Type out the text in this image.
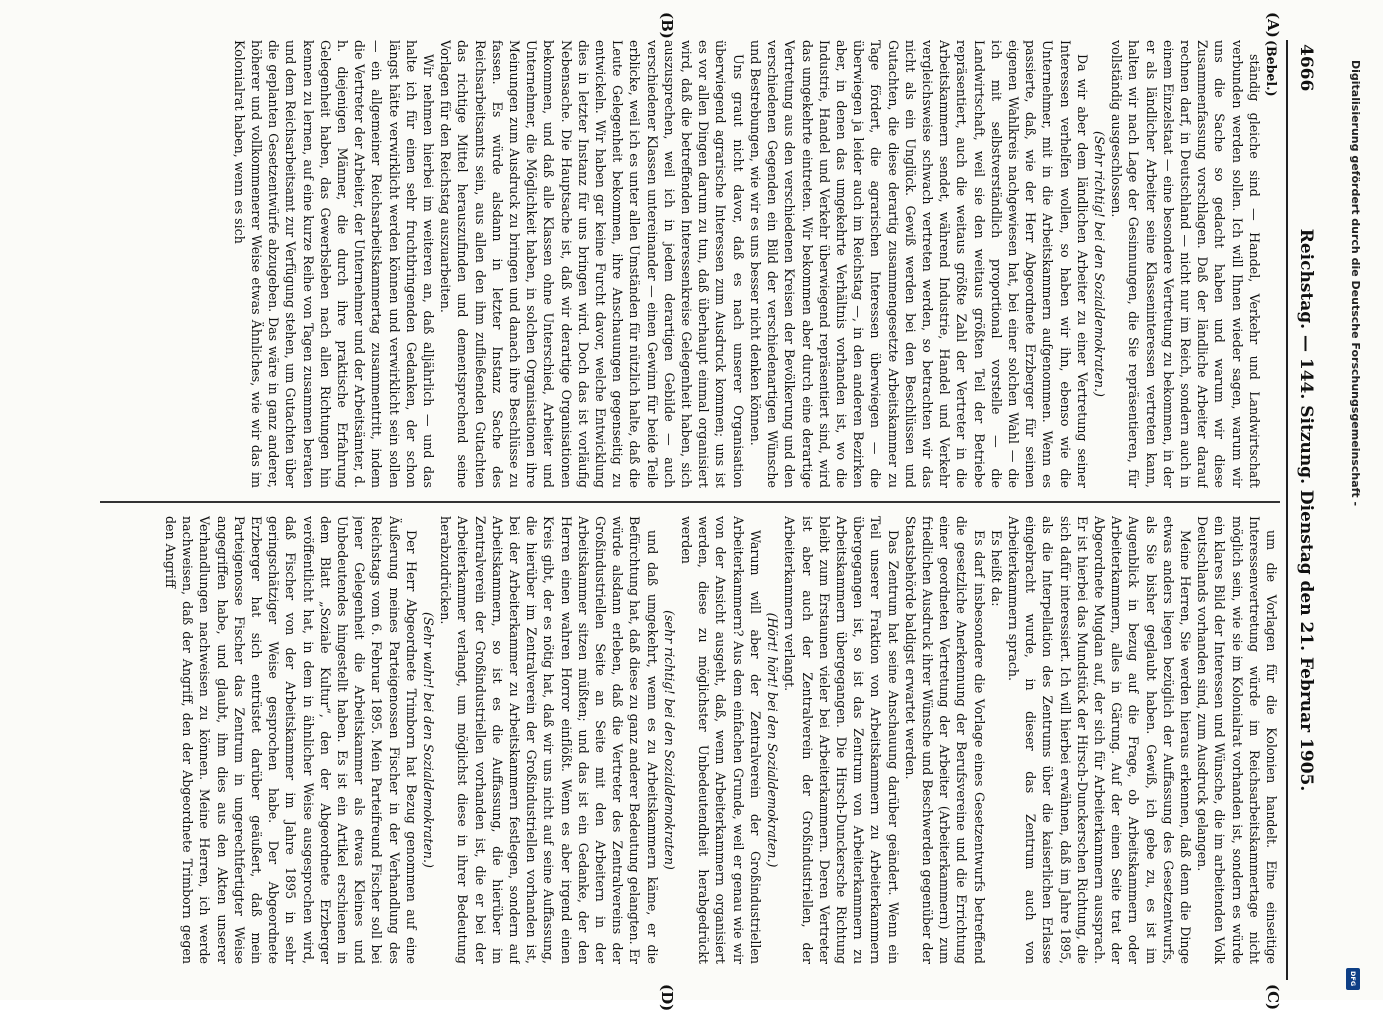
4666
Reichstag. — 144. Sitzung. Dienstag den 21. Februar 1905.

(Bebel.)

ständig gleiche sind — Handel, Verkehr und Landwirtschaft verbunden werden sollen. Ich will Ihnen wieder sagen, warum wir uns die Sache so gedacht haben und warum wir diese Zusammenfassung vorschlagen. Daß der ländliche Arbeiter darauf rechnen darf, in Deutschland — nicht nur im Reich, sondern auch in einem Einzelstaat — eine besondere Vertretung zu bekommen, in der er als ländlicher Arbeiter seine Klasseninteressen vertreten kann, halten wir nach Lage der Gesinnungen, die Sie repräsentieren, für vollständig ausgeschlossen.

(Sehr richtig! bei den Sozialdemokraten.)

Da wir aber dem ländlichen Arbeiter zu einer Vertretung seiner Interessen verhelfen wollen, so haben wir ihn, ebenso wie die Unternehmer, mit in die Arbeitskammern aufgenommen. Wenn es passierte, daß, wie der Herr Abgeordnete Erzberger für seinen eigenen Wahlkreis nachgewiesen hat, bei einer solchen Wahl — die ich mit selbstverständlich proportional vorstelle — die Landwirtschaft, weil sie den weitaus größten Teil der Betriebe repräsentiert, auch die weitaus größte Zahl der Vertreter in die Arbeitskammern sendet, während Industrie, Handel und Verkehr vergleichsweise schwach vertreten werden, so betrachten wir das nicht als ein Unglück. Gewiß werden bei den Beschlüssen und Gutachten, die diese derartig zusammengesetzte Arbeitskammer zu Tage fördert, die agrarischen Interessen überwiegen — die überwiegen ja leider auch im Reichstag —, in den anderen Bezirken aber, in denen das umgekehrte Verhältnis vorhanden ist, wo die Industrie, Handel und Verkehr überwiegend repräsentiert sind, wird das umgekehrte eintreten. Wir bekommen aber durch eine derartige Vertretung aus den verschiedenen Kreisen der Bevölkerung und den verschiedenen Gegenden ein Bild der verschiedenartigen Wünsche und Bestrebungen, wie wir es uns besser nicht denken können.

Uns graut nicht davor, daß es nach unserer Organisation überwiegend agrarische Interessen zum Ausdruck kommen; uns ist es vor allen Dingen darum zu tun, daß überhaupt einmal organisiert wird, daß die betreffenden Interessenkreise Gelegenheit haben, sich auszusprechen, weil ich in jedem derartigen Gebilde — auch verschiedener Klassen untereinander — einen Gewinn für beide Teile erblicke, weil ich es unter allen Umständen für nützlich halte, daß die Leute Gelegenheit bekommen, ihre Anschauungen gegenseitig zu entwickeln. Wir haben gar keine Furcht davor, welche Entwicklung dies in letzter Instanz für uns bringen wird. Doch das ist vorläufig Nebensache. Die Hauptsache ist, daß wir derartige Organisationen bekommen, und daß alle Klassen ohne Unterschied, Arbeiter und Unternehmer, die Möglichkeit haben, in solchen Organisationen ihre Meinungen zum Ausdruck zu bringen und danach ihre Beschlüsse zu fassen. Es würde alsdann in letzter Instanz Sache des Reichsarbeitsamts sein, aus allen den ihm zufließenden Gutachten das richtige Mittel herauszufinden und dementsprechend seine Vorlagen für den Reichstag auszuarbeiten.

Wir nehmen hierbei im weiteren an, daß alljährlich — und das halte ich für einen sehr fruchtbringenden Gedanken, der schon längst hätte verwirklicht werden können und verwirklicht sein sollen — ein allgemeiner Reichsarbeitskammertag zusammentritt, indem die Vertreter der Arbeiter, der Unternehmer und der Arbeitsämter, d. h. diejenigen Männer, die durch ihre praktische Erfahrung Gelegenheit haben, das Gewerbsleben nach allen Richtungen hin kennen zu lernen, auf eine kurze Reihe von Tagen zusammen beraten und dem Reichsarbeitsamt zur Verfügung stehen, um Gutachten über die geplanten Gesetzentwürfe abzugeben. Das wäre in ganz anderer, höherer und vollkommenerer Weise etwas Ähnliches, wie wir das im Kolonialrat haben, wenn es sich

um die Vorlagen für die Kolonien handelt. Eine einseitige Interessenvertretung würde im Reichsarbeitskammertage nicht möglich sein, wie sie im Kolonialrat vorhanden ist, sondern es würde ein klares Bild der Interessen und Wünsche, die im arbeitenden Volk Deutschlands vorhanden sind, zum Ausdruck gelangen.

Meine Herren, Sie werden hieraus erkennen, daß denn die Dinge etwas anders liegen bezüglich der Auffassung des Gesetzentwurfs, als Sie bisher geglaubt haben. Gewiß, ich gebe zu, es ist im Augenblick in bezug auf die Frage, ob Arbeitskammern oder Arbeiterkammern, alles in Gärung. Auf der einen Seite trat der Abgeordnete Mugdan auf, der sich für Arbeiterkammern aussprach. Er ist hierbei das Mundstück der Hirsch-Dunckerschen Richtung, die sich dafür interessiert. Ich will hierbei erwähnen, daß im Jahre 1895, als die Interpellation des Zentrums über die kaiserlichen Erlasse eingebracht wurde, in dieser das Zentrum auch von Arbeiterkammern sprach.

Es heißt da:

Es darf insbesondere die Vorlage eines Gesetzentwurfs betreffend die gesetzliche Anerkennung der Berufsvereine und die Errichtung einer geordneten Vertretung der Arbeiter (Arbeiterkammern) zum friedlichen Ausdruck ihrer Wünsche und Beschwerden gegenüber der Staatsbehörde baldigst erwartet werden.

Das Zentrum hat seine Anschauung darüber geändert. Wenn ein Teil unserer Fraktion von Arbeitskammern zu Arbeiterkammern übergegangen ist, so ist das Zentrum von Arbeiterkammern zu Arbeitskammern übergegangen. Die Hirsch-Dunckersche Richtung bleibt zum Erstaunen vieler bei Arbeiterkammern. Deren Vertreter ist aber auch der Zentralverein der Großindustriellen, der Arbeiterkammern verlangt.

(Hört! hört! bei den Sozialdemokraten.)

Warum will aber der Zentralverein der Großindustriellen Arbeiterkammern? Aus dem einfachen Grunde, weil er genau wie wir von der Ansicht ausgeht, daß, wenn Arbeiterkammern organisiert werden, diese zu möglichster Unbedeutendheit herabgedrückt werden

(sehr richtig! bei den Sozialdemokraten)

und daß umgekehrt, wenn es zu Arbeitskammern käme, er die Befürchtung hat, daß diese zu ganz anderer Bedeutung gelangten. Er würde alsdann erleben, daß die Vertreter des Zentralvereins der Großindustriellen Seite an Seite mit den Arbeitern in der Arbeitskammer sitzen müßten; und das ist ein Gedanke, der den Herren einen wahren Horror einflößt. Wenn es aber irgend einen Kreis gibt, der es nötig hat, daß wir uns nicht auf seine Auffassung, die hierüber im Zentralverein der Großindustriellen vorhanden ist, bei der Arbeiterkammer zu Arbeitskammern festlegen, sondern auf Arbeitskammern, so ist es die Auffassung, die hierüber im Zentralverein der Großindustriellen vorhanden ist, die er bei der Arbeiterkammer verlangt, um möglichst diese in ihrer Bedeutung herabzudrücken.

(Sehr wahr! bei den Sozialdemokraten.)

Der Herr Abgeordnete Trimborn hat Bezug genommen auf eine Äußerung meines Parteigenossen Fischer in der Verhandlung des Reichstags vom 6. Februar 1895. Mein Parteifreund Fischer soll bei jener Gelegenheit die Arbeitskammer als etwas Kleines und Unbedeutendes hingestellt haben. Es ist ein Artikel erschienen in dem Blatt „Soziale Kultur“, den der Abgeordnete Erzberger veröffentlicht hat, in dem in ähnlicher Weise ausgesprochen wird, daß Fischer von der Arbeitskammer im Jahre 1895 in sehr geringschätziger Weise gesprochen habe. Der Abgeordnete Erzberger hat sich entrüstet darüber geäußert, daß mein Parteigenosse Fischer das Zentrum in ungerechtfertigter Weise angegriffen habe, und glaubt, ihm dies aus den Akten unserer Verhandlungen nachweisen zu können. Meine Herren, ich werde nachweisen, daß der Angriff, den der Abgeordnete Trimborn gegen den Angriff

(A)
(B)
(C)
(D)
Digitalisierung gefördert durch die Deutsche Forschungsgemeinschaft -
DFG
